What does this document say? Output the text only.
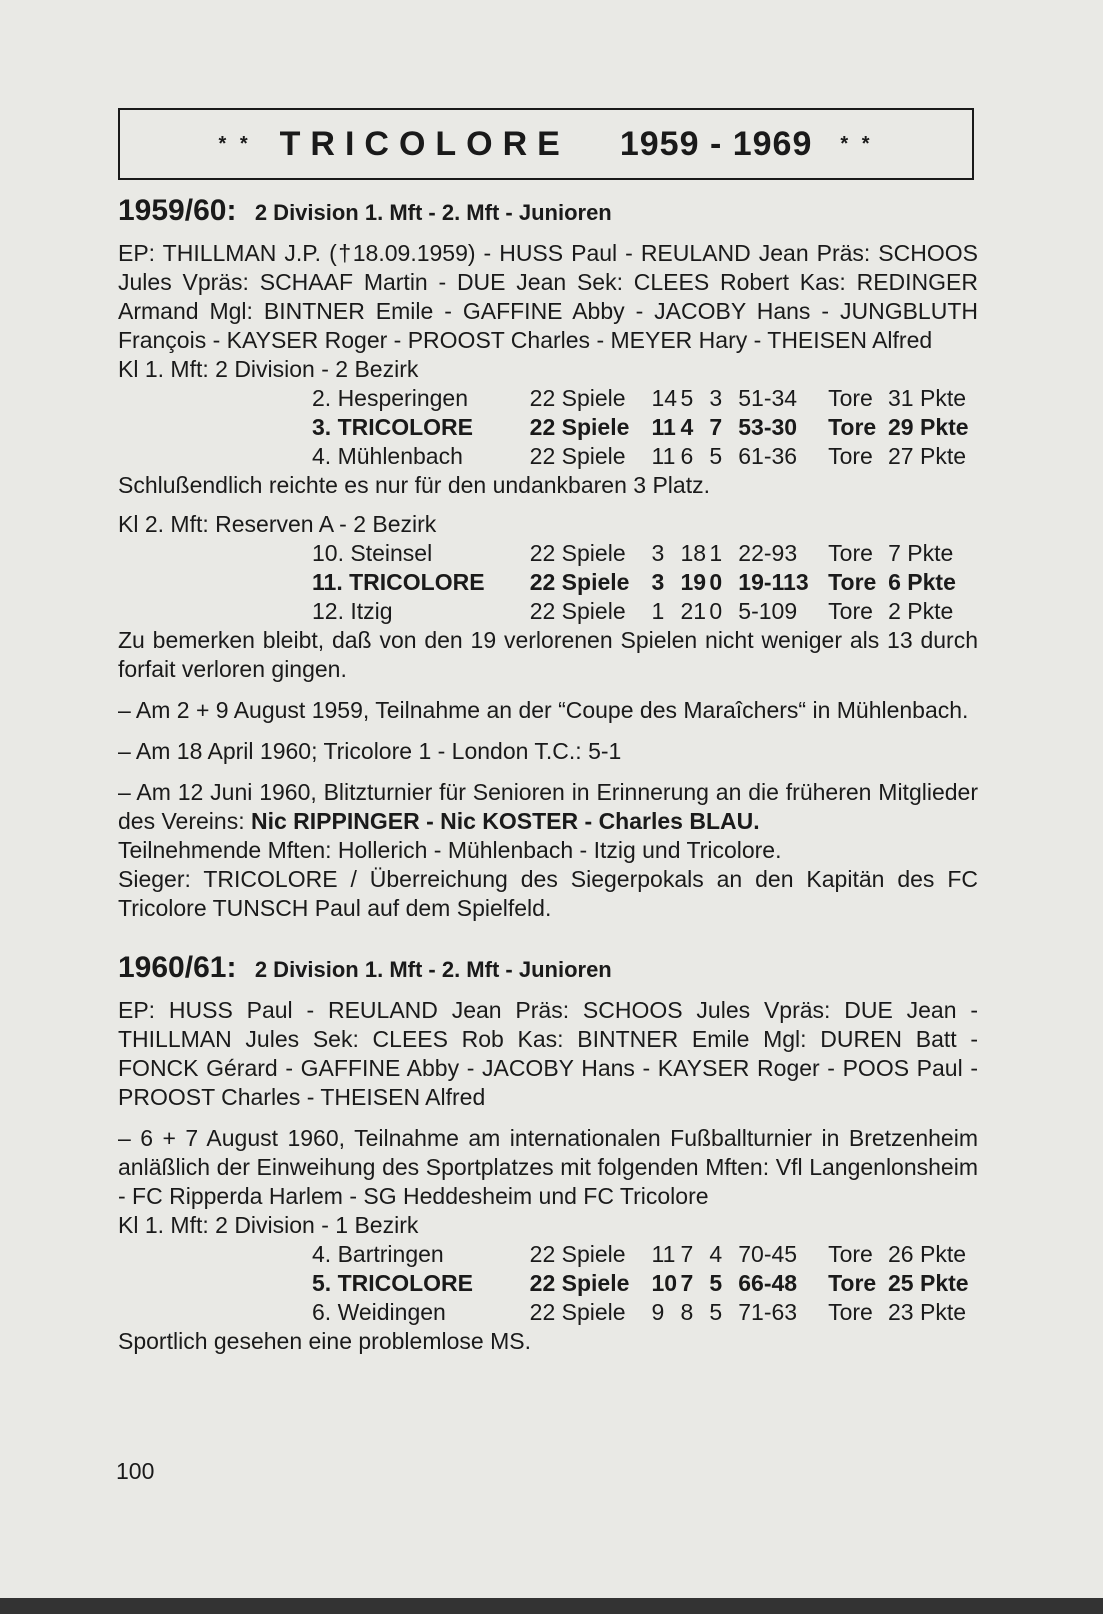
* * TRICOLORE 1959 - 1969 * *

1959/60: 2 Division 1. Mft - 2. Mft - Junioren

EP: THILLMAN J.P. (†18.09.1959) - HUSS Paul - REULAND Jean Präs: SCHOOS Jules Vpräs: SCHAAF Martin - DUE Jean Sek: CLEES Robert Kas: REDINGER Armand Mgl: BINTNER Emile - GAFFINE Abby - JACOBY Hans - JUNGBLUTH François - KAYSER Roger - PROOST Charles - MEYER Hary - THEISEN Alfred

Kl 1. Mft: 2 Division - 2 Bezirk

2. Hesperingen	22 Spiele	14	5	3	51-34	Tore	31 Pkte
3. TRICOLORE	22 Spiele	11	4	7	53-30	Tore	29 Pkte
4. Mühlenbach	22 Spiele	11	6	5	61-36	Tore	27 Pkte

Schlußendlich reichte es nur für den undankbaren 3 Platz.

Kl 2. Mft: Reserven A - 2 Bezirk

10. Steinsel	22 Spiele	3	18	1	22-93	Tore	7 Pkte
11. TRICOLORE	22 Spiele	3	19	0	19-113	Tore	6 Pkte
12. Itzig	22 Spiele	1	21	0	5-109	Tore	2 Pkte

Zu bemerken bleibt, daß von den 19 verlorenen Spielen nicht weniger als 13 durch forfait verloren gingen.

– Am 2 + 9 August 1959, Teilnahme an der “Coupe des Maraîchers“ in Mühlenbach.

– Am 18 April 1960; Tricolore 1 - London T.C.: 5-1

– Am 12 Juni 1960, Blitzturnier für Senioren in Erinnerung an die früheren Mitglieder des Vereins: Nic RIPPINGER - Nic KOSTER - Charles BLAU.

Teilnehmende Mften: Hollerich - Mühlenbach - Itzig und Tricolore.

Sieger: TRICOLORE / Überreichung des Siegerpokals an den Kapitän des FC Tricolore TUNSCH Paul auf dem Spielfeld.

1960/61: 2 Division 1. Mft - 2. Mft - Junioren

EP: HUSS Paul - REULAND Jean Präs: SCHOOS Jules Vpräs: DUE Jean - THILLMAN Jules Sek: CLEES Rob Kas: BINTNER Emile Mgl: DUREN Batt - FONCK Gérard - GAFFINE Abby - JACOBY Hans - KAYSER Roger - POOS Paul - PROOST Charles - THEISEN Alfred

– 6 + 7 August 1960, Teilnahme am internationalen Fußballturnier in Bretzenheim anläßlich der Einweihung des Sportplatzes mit folgenden Mften: Vfl Langenlonsheim - FC Ripperda Harlem - SG Heddesheim und FC Tricolore

Kl 1. Mft: 2 Division - 1 Bezirk

4. Bartringen	22 Spiele	11	7	4	70-45	Tore	26 Pkte
5. TRICOLORE	22 Spiele	10	7	5	66-48	Tore	25 Pkte
6. Weidingen	22 Spiele	9	8	5	71-63	Tore	23 Pkte

Sportlich gesehen eine problemlose MS.

100
